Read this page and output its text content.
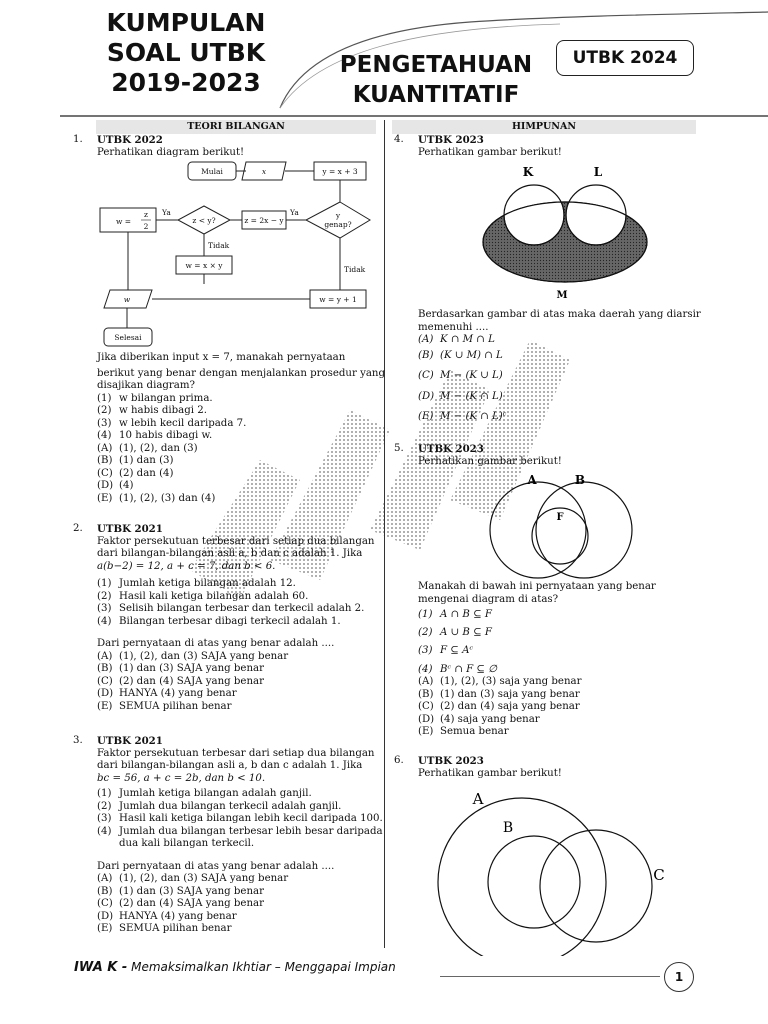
KUMPULAN
SOAL UTBK
2019-2023
PENGETAHUAN
KUANTITATIF
UTBK 2024
TEORI BILANGAN	HIMPUNAN
1. UTBK 2022
Perhatikan diagram berikut!
Mulai	x	y = x + 3
w =
z
2
z < y?	z = 2x − y
y
genap?
Ya	Ya
Tidak
w = x × y	Tidak
w	w = y + 1
Selesai
Jika diberikan input x = 7, manakah pernyataan
berikut yang benar dengan menjalankan prosedur yang
disajikan diagram?
(1) w bilangan prima.
(2) w habis dibagi 2.
(3) w lebih kecil daripada 7.
(4) 10 habis dibagi w.
(A) (1), (2), dan (3)
(B) (1) dan (3)
(C) (2) dan (4)
(D) (4)
(E) (1), (2), (3) dan (4)
2. UTBK 2021
Faktor persekutuan terbesar dari setiap dua bilangan
dari bilangan-bilangan asli a, b dan c adalah 1. Jika
a(b−2) = 12, a + c = 7, dan b < 6.
(1) Jumlah ketiga bilangan adalah 12.
(2) Hasil kali ketiga bilangan adalah 60.
(3) Selisih bilangan terbesar dan terkecil adalah 2.
(4) Bilangan terbesar dibagi terkecil adalah 1.
Dari pernyataan di atas yang benar adalah ....
(A) (1), (2), dan (3) SAJA yang benar
(B) (1) dan (3) SAJA yang benar
(C) (2) dan (4) SAJA yang benar
(D) HANYA (4) yang benar
(E) SEMUA pilihan benar
3. UTBK 2021
Faktor persekutuan terbesar dari setiap dua bilangan
dari bilangan-bilangan asli a, b dan c adalah 1. Jika
bc = 56, a + c = 2b, dan b < 10.
(1) Jumlah ketiga bilangan adalah ganjil.
(2) Jumlah dua bilangan terkecil adalah ganjil.
(3) Hasil kali ketiga bilangan lebih kecil daripada 100.
(4) Jumlah dua bilangan terbesar lebih besar daripada
dua kali bilangan terkecil.
Dari pernyataan di atas yang benar adalah ....
(A) (1), (2), dan (3) SAJA yang benar
(B) (1) dan (3) SAJA yang benar
(C) (2) dan (4) SAJA yang benar
(D) HANYA (4) yang benar
(E) SEMUA pilihan benar
4. UTBK 2023
Perhatikan gambar berikut!
K	L
M
Berdasarkan gambar di atas maka daerah yang diarsir
memenuhi ....
(A) K ∩ M ∩ L
(B) (K ∪ M) ∩ L
(C) M − (K ∪ L)
(D) M − (K ∩ L)
(E) M − (K ∩ L)ᶜ
5. UTBK 2023
Perhatikan gambar berikut!
A	B
F
Manakah di bawah ini pernyataan yang benar
mengenai diagram di atas?
(1) A ∩ B ⊆ F
(2) A ∪ B ⊆ F
(3) F ⊆ Aᶜ
(4) Bᶜ ∩ F ⊆ ∅
(A) (1), (2), (3) saja yang benar
(B) (1) dan (3) saja yang benar
(C) (2) dan (4) saja yang benar
(D) (4) saja yang benar
(E) Semua benar
6. UTBK 2023
Perhatikan gambar berikut!
A
B
C
IWA K - Memaksimalkan Ikhtiar – Menggapai Impian
1
